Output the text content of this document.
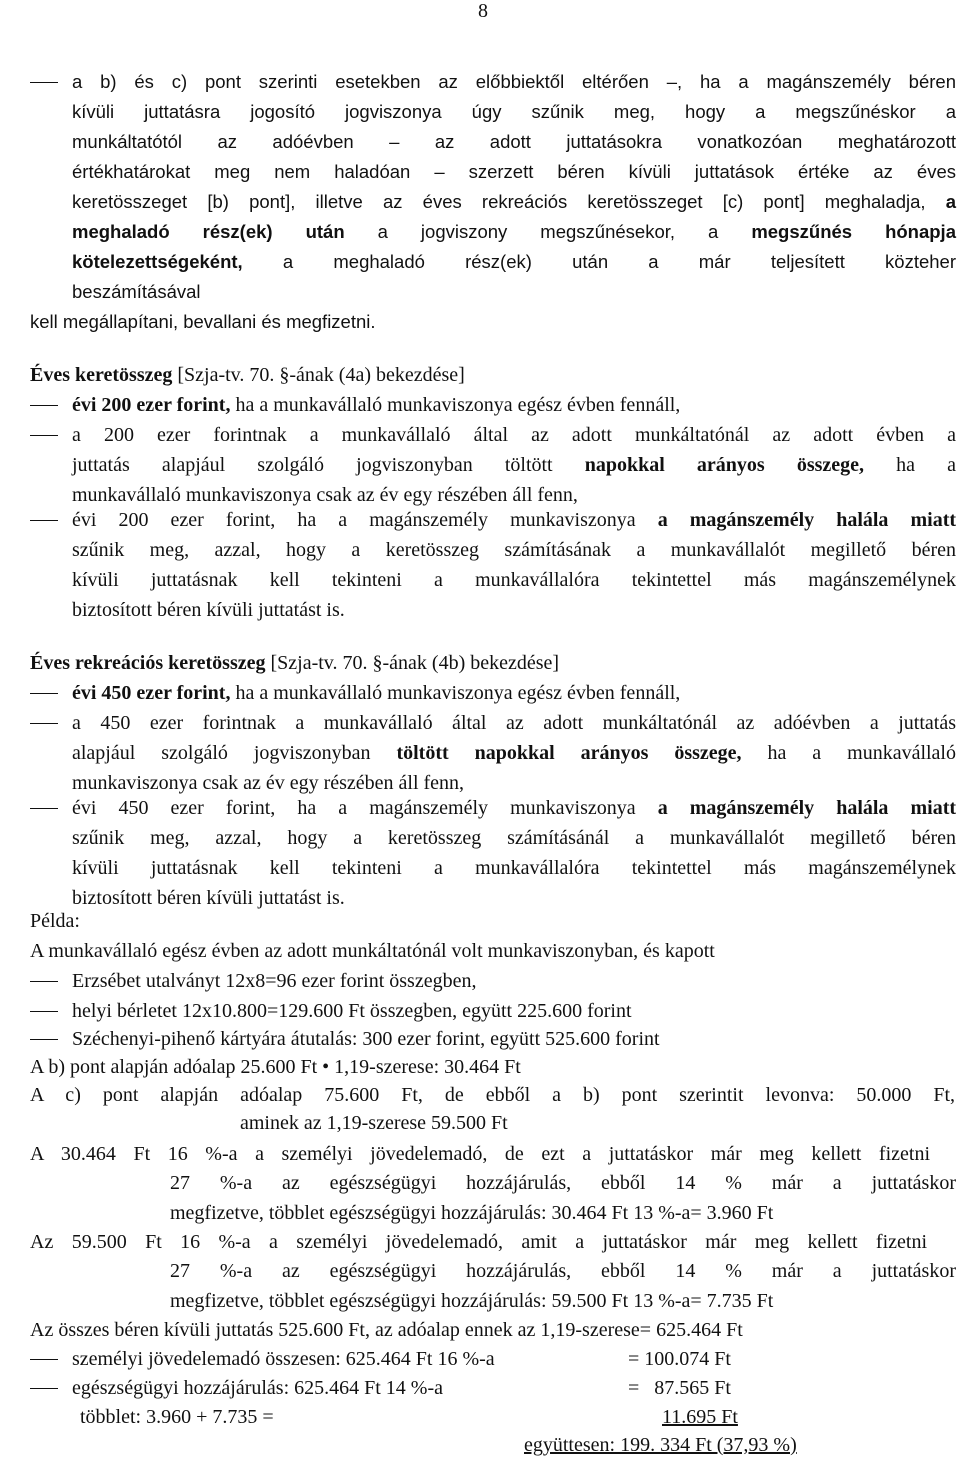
8

a b) és c) pont szerinti esetekben az előbbiektől eltérően –, ha a magánszemély béren

kívüli juttatásra jogosító jogviszonya úgy szűnik meg, hogy a megszűnéskor a

munkáltatótól az adóévben – az adott juttatásokra vonatkozóan meghatározott

értékhatárokat meg nem haladóan – szerzett béren kívüli juttatások értéke az éves

keretösszeget [b) pont], illetve az éves rekreációs keretösszeget [c) pont] meghaladja, a

meghaladó rész(ek) után a jogviszony megszűnésekor, a megszűnés hónapja

kötelezettségeként, a meghaladó rész(ek) után a már teljesített közteher

beszámításával

kell megállapítani, bevallani és megfizetni.
Éves keretösszeg [Szja-tv. 70. §-ának (4a) bekezdése]
évi 200 ezer forint, ha a munkavállaló munkaviszonya egész évben fennáll,

a 200 ezer forintnak a munkavállaló által az adott munkáltatónál az adott évben a

juttatás alapjául szolgáló jogviszonyban töltött napokkal arányos összege, ha a

munkavállaló munkaviszonya csak az év egy részében áll fenn,

évi 200 ezer forint, ha a magánszemély munkaviszonya a magánszemély halála miatt

szűnik meg, azzal, hogy a keretösszeg számításának a munkavállalót megillető béren

kívüli juttatásnak kell tekinteni a munkavállalóra tekintettel más magánszemélynek

biztosított béren kívüli juttatást is.

Éves rekreációs keretösszeg [Szja-tv. 70. §-ának (4b) bekezdése]
évi 450 ezer forint, ha a munkavállaló munkaviszonya egész évben fennáll,

a 450 ezer forintnak a munkavállaló által az adott munkáltatónál az adóévben a juttatás

alapjául szolgáló jogviszonyban töltött napokkal arányos összege, ha a munkavállaló

munkaviszonya csak az év egy részében áll fenn,

évi 450 ezer forint, ha a magánszemély munkaviszonya a magánszemély halála miatt

szűnik meg, azzal, hogy a keretösszeg számításánál a munkavállalót megillető béren

kívüli juttatásnak kell tekinteni a munkavállalóra tekintettel más magánszemélynek

biztosított béren kívüli juttatást is.

Példa:
A munkavállaló egész évben az adott munkáltatónál volt munkaviszonyban, és kapott
Erzsébet utalványt 12x8=96 ezer forint összegben,
helyi bérletet 12x10.800=129.600 Ft összegben, együtt 225.600 forint
Széchenyi-pihenő kártyára átutalás: 300 ezer forint, együtt 525.600 forint
A b) pont alapján adóalap 25.600 Ft • 1,19-szerese: 30.464 Ft
A c) pont alapján adóalap 75.600 Ft, de ebből a b) pont szerintit levonva: 50.000 Ft,
aminek az 1,19-szerese 59.500 Ft
A 30.464 Ft 16 %-a a személyi jövedelemadó, de ezt a juttatáskor már meg kellett fizetni
27 %-a az egészségügyi hozzájárulás, ebből 14 % már a juttatáskor
megfizetve, többlet egészségügyi hozzájárulás: 30.464 Ft 13 %-a= 3.960 Ft
Az 59.500 Ft 16 %-a a személyi jövedelemadó, amit a juttatáskor már meg kellett fizetni
27 %-a az egészségügyi hozzájárulás, ebből 14 % már a juttatáskor
megfizetve, többlet egészségügyi hozzájárulás: 59.500 Ft 13 %-a= 7.735 Ft
Az összes béren kívüli juttatás 525.600 Ft, az adóalap ennek az 1,19-szerese= 625.464 Ft
személyi jövedelemadó összesen: 625.464 Ft 16 %-a	= 100.074 Ft
egészségügyi hozzájárulás: 625.464 Ft 14 %-a	=   87.565 Ft
többlet: 3.960 + 7.735 =	11.695 Ft
együttesen: 199. 334 Ft (37,93 %)
